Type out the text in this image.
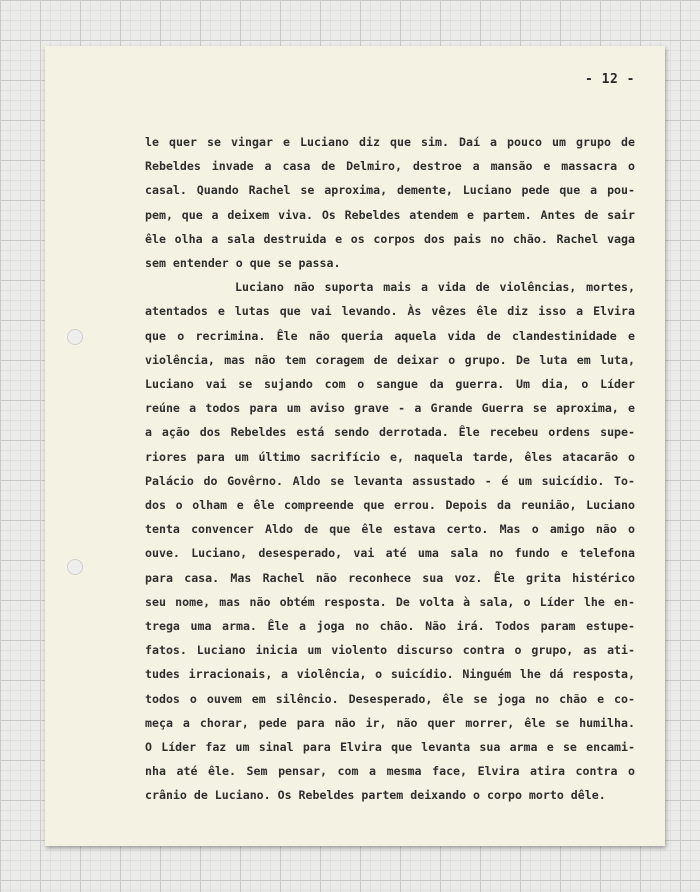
- 12 -
le quer se vingar e Luciano diz que sim. Daí a pouco um grupo de
Rebeldes invade a casa de Delmiro, destroe a mansão e massacra o
casal. Quando Rachel se aproxima, demente, Luciano pede que a pou-
pem, que a deixem viva. Os Rebeldes atendem e partem. Antes de sair
êle olha a sala destruida e os corpos dos pais no chão. Rachel vaga
sem entender o que se passa.
Luciano não suporta mais a vida de violências, mortes,
atentados e lutas que vai levando. Às vêzes êle diz isso a Elvira
que o recrimina. Êle não queria aquela vida de clandestinidade e
violência, mas não tem coragem de deixar o grupo. De luta em luta,
Luciano vai se sujando com o sangue da guerra. Um dia, o Líder
reúne a todos para um aviso grave - a Grande Guerra se aproxima, e
a ação dos Rebeldes está sendo derrotada. Êle recebeu ordens supe-
riores para um último sacrifício e, naquela tarde, êles atacarão o
Palácio do Govêrno. Aldo se levanta assustado - é um suicídio. To-
dos o olham e êle compreende que errou. Depois da reunião, Luciano
tenta convencer Aldo de que êle estava certo. Mas o amigo não o
ouve. Luciano, desesperado, vai até uma sala no fundo e telefona
para casa. Mas Rachel não reconhece sua voz. Êle grita histérico
seu nome, mas não obtém resposta. De volta à sala, o Líder lhe en-
trega uma arma. Êle a joga no chão. Não irá. Todos param estupe-
fatos. Luciano inicia um violento discurso contra o grupo, as ati-
tudes irracionais, a violência, o suicídio. Ninguém lhe dá resposta,
todos o ouvem em silêncio. Desesperado, êle se joga no chão e co-
meça a chorar, pede para não ir, não quer morrer, êle se humilha.
O Líder faz um sinal para Elvira que levanta sua arma e se encami-
nha até êle. Sem pensar, com a mesma face, Elvira atira contra o
crânio de Luciano. Os Rebeldes partem deixando o corpo morto dêle.
